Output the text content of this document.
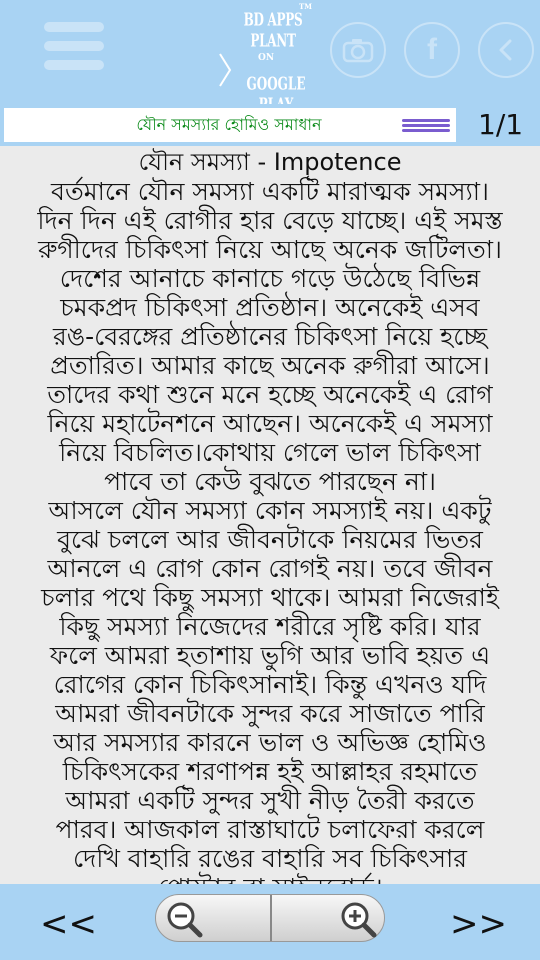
TM
BD APPS PLANT
ON
GOOGLE
f
যৌন সমস্যার হোমিও সমাধান	1/1
যৌন সমস্যা - Impotence
বর্তমানে যৌন সমস্যা একটি মারাত্মক সমস্যা।
দিন দিন এই রোগীর হার বেড়ে যাচ্ছে। এই সমস্ত
রুগীদের চিকিৎসা নিয়ে আছে অনেক জটিলতা।
দেশের আনাচে কানাচে গড়ে উঠেছে বিভিন্ন
চমকপ্রদ চিকিৎসা প্রতিষ্ঠান। অনেকেই এসব
রঙ-বেরঙ্গের প্রতিষ্ঠানের চিকিৎসা নিয়ে হচ্ছে
প্রতারিত। আমার কাছে অনেক রুগীরা আসে।
তাদের কথা শুনে মনে হচ্ছে অনেকেই এ রোগ
নিয়ে মহাটেনশনে আছেন। অনেকেই এ সমস্যা
নিয়ে বিচলিত।কোথায় গেলে ভাল চিকিৎসা
পাবে তা কেউ বুঝতে পারছেন না।
আসলে যৌন সমস্যা কোন সমস্যাই নয়। একটু
বুঝে চললে আর জীবনটাকে নিয়মের ভিতর
আনলে এ রোগ কোন রোগই নয়। তবে জীবন
চলার পথে কিছু সমস্যা থাকে। আমরা নিজেরাই
কিছু সমস্যা নিজেদের শরীরে সৃষ্টি করি। যার
ফলে আমরা হতাশায় ভুগি আর ভাবি হয়ত এ
রোগের কোন চিকিৎসানাই। কিন্তু এখনও যদি
আমরা জীবনটাকে সুন্দর করে সাজাতে পারি
আর সমস্যার কারনে ভাল ও অভিজ্ঞ হোমিও
চিকিৎসকের শরণাপন্ন হই আল্লাহর রহমাতে
আমরা একটি সুন্দর সুখী নীড় তৈরী করতে
পারব। আজকাল রাস্তাঘাটে চলাফেরা করলে
দেখি বাহারি রঙের বাহারি সব চিকিৎসার
<<	>>
